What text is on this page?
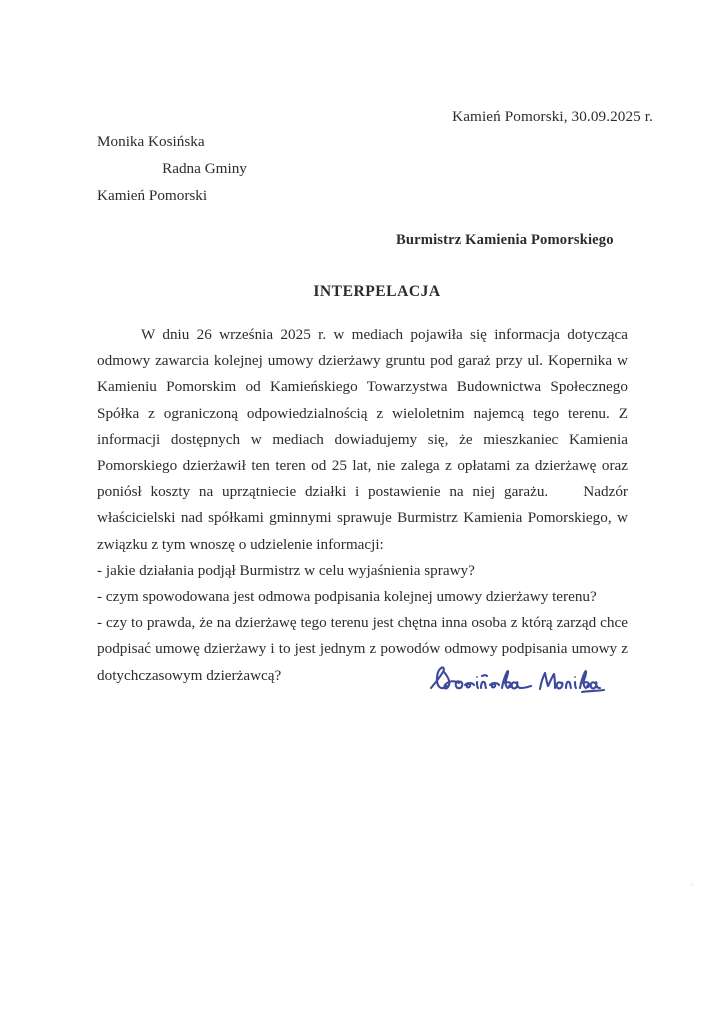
Kamień Pomorski, 30.09.2025 r.
Monika Kosińska
Radna Gminy
Kamień Pomorski
Burmistrz Kamienia Pomorskiego
INTERPELACJA

W dniu 26 września 2025 r. w mediach pojawiła się informacja dotycząca odmowy zawarcia kolejnej umowy dzierżawy gruntu pod garaż przy ul. Kopernika w Kamieniu Pomorskim od Kamieńskiego Towarzystwa Budownictwa Społecznego Spółka z ograniczoną odpowiedzialnością z wieloletnim najemcą tego terenu. Z informacji dostępnych w mediach dowiadujemy się, że mieszkaniec Kamienia Pomorskiego dzierżawił ten teren od 25 lat, nie zalega z opłatami za dzierżawę oraz poniósł koszty na uprzątniecie działki i postawienie na niej garażu. Nadzór właścicielski nad spółkami gminnymi sprawuje Burmistrz Kamienia Pomorskiego, w związku z tym wnoszę o udzielenie informacji:

- jakie działania podjął Burmistrz w celu wyjaśnienia sprawy?

- czym spowodowana jest odmowa podpisania kolejnej umowy dzierżawy terenu?

- czy to prawda, że na dzierżawę tego terenu jest chętna inna osoba z którą zarząd chce podpisać umowę dzierżawy i to jest jednym z powodów odmowy podpisania umowy z dotychczasowym dzierżawcą?
